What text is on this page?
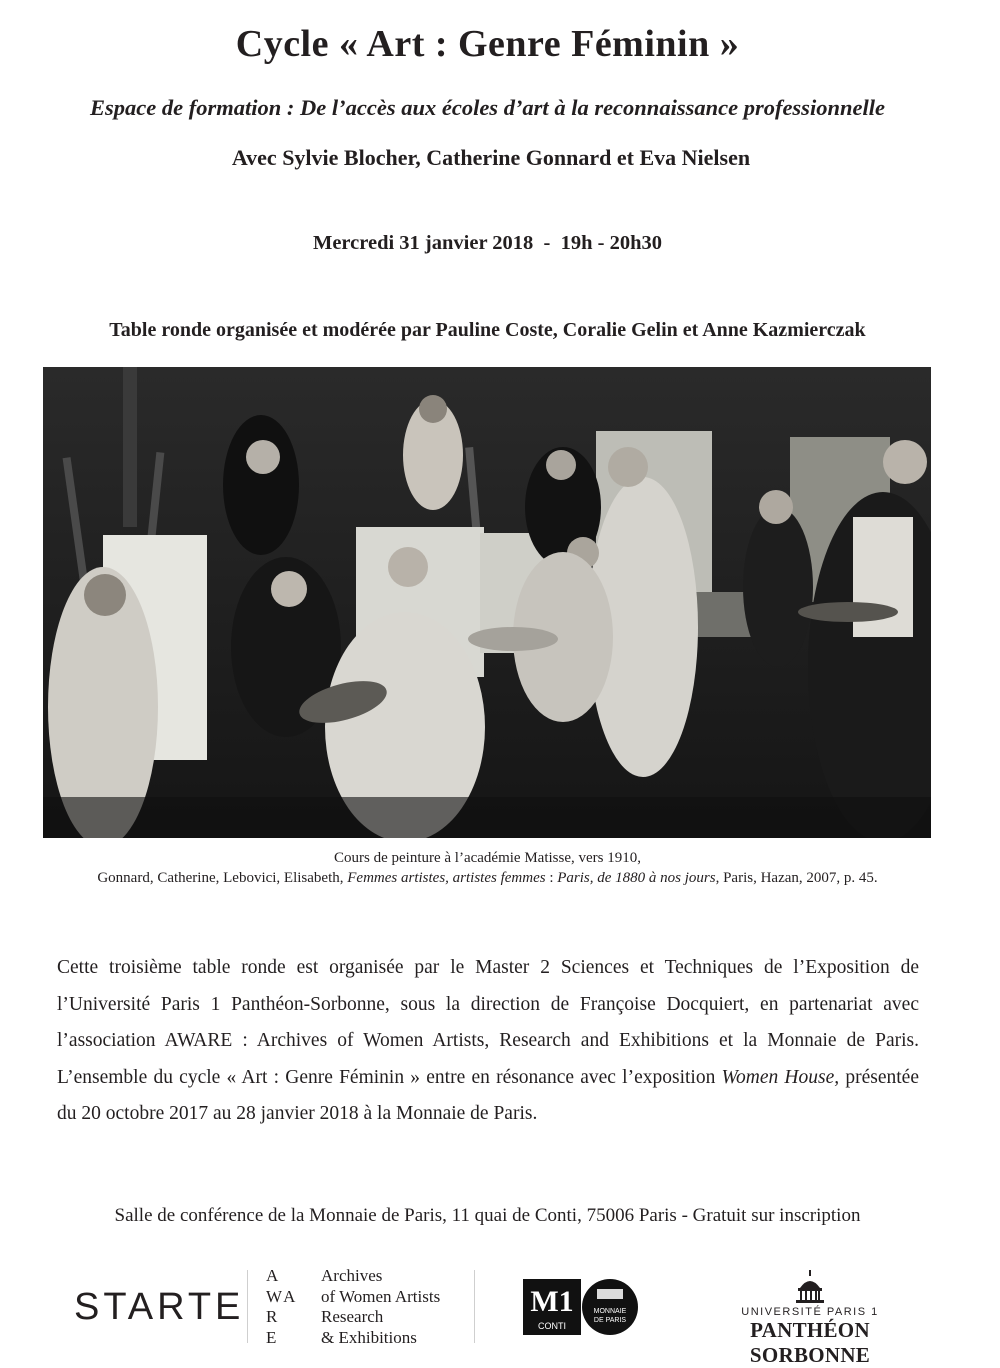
Cycle « Art : Genre Féminin »
Espace de formation : De l’accès aux écoles d’art à la reconnaissance professionnelle
Avec Sylvie Blocher, Catherine Gonnard et Eva Nielsen
Mercredi 31 janvier 2018  -  19h - 20h30
Table ronde organisée et modérée par Pauline Coste, Coralie Gelin et Anne Kazmierczak
Cours de peinture à l’académie Matisse, vers 1910,
Gonnard, Catherine, Lebovici, Elisabeth, Femmes artistes, artistes femmes : Paris, de 1880 à nos jours, Paris, Hazan, 2007, p. 45.

Cette troisième table ronde est organisée par le Master 2 Sciences et Techniques de l’Exposition de l’Université Paris 1 Panthéon-Sorbonne, sous la direction de Françoise Docquiert, en partenariat avec l’association AWARE : Archives of Women Artists, Research and Exhibitions et la Monnaie de Paris. L’ensemble du cycle « Art : Genre Féminin » entre en résonance avec l’exposition Women House, présentée du 20 octobre 2017 au 28 janvier 2018 à la Monnaie de Paris.

Salle de conférence de la Monnaie de Paris, 11 quai de Conti, 75006 Paris - Gratuit sur inscription
STARTE
A
WA
R
E
Archives
of Women Artists
Research
& Exhibitions
M1
CONTI
MONNAIE
DE PARIS
UNIVERSITÉ PARIS 1
PANTHÉON SORBONNE
